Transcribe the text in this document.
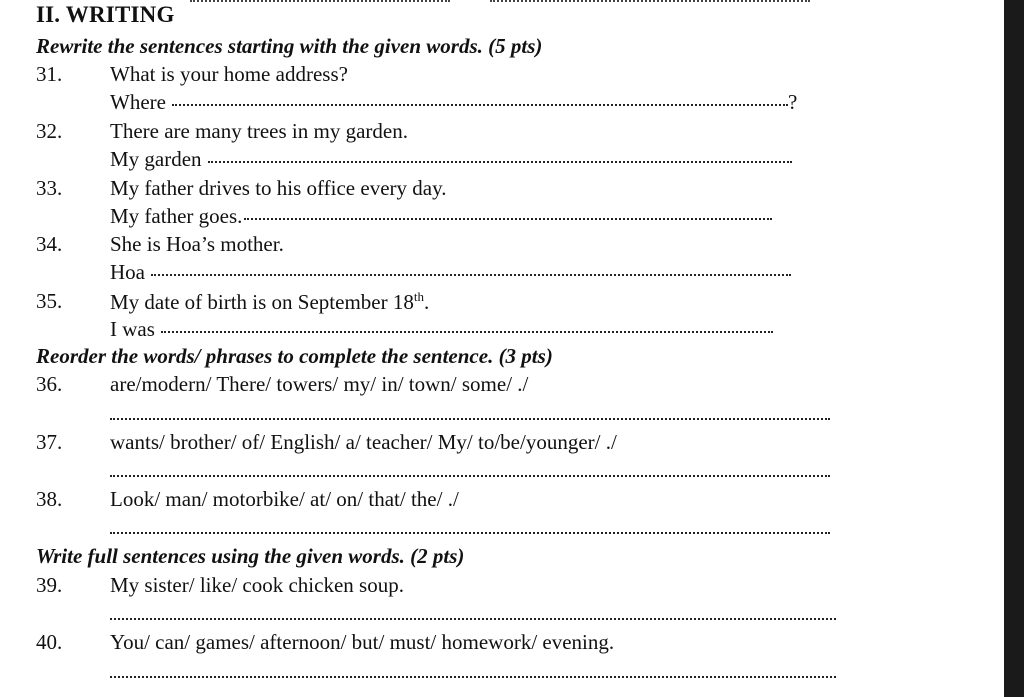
II. WRITING
Rewrite the sentences starting with the given words. (5 pts)
31. What is your home address?
Where	?
32. There are many trees in my garden.
My garden
33. My father drives to his office every day.
My father goes.
34. She is Hoa’s mother.
Hoa
35. My date of birth is on September 18th.
I was
Reorder the words/ phrases to complete the sentence. (3 pts)
36. are/modern/ There/ towers/ my/ in/ town/ some/ ./
37. wants/ brother/ of/ English/ a/ teacher/ My/ to/be/younger/ ./
38. Look/ man/ motorbike/ at/ on/ that/ the/ ./
Write full sentences using the given words. (2 pts)
39. My sister/ like/ cook chicken soup.
40. You/ can/ games/ afternoon/ but/ must/ homework/ evening.
